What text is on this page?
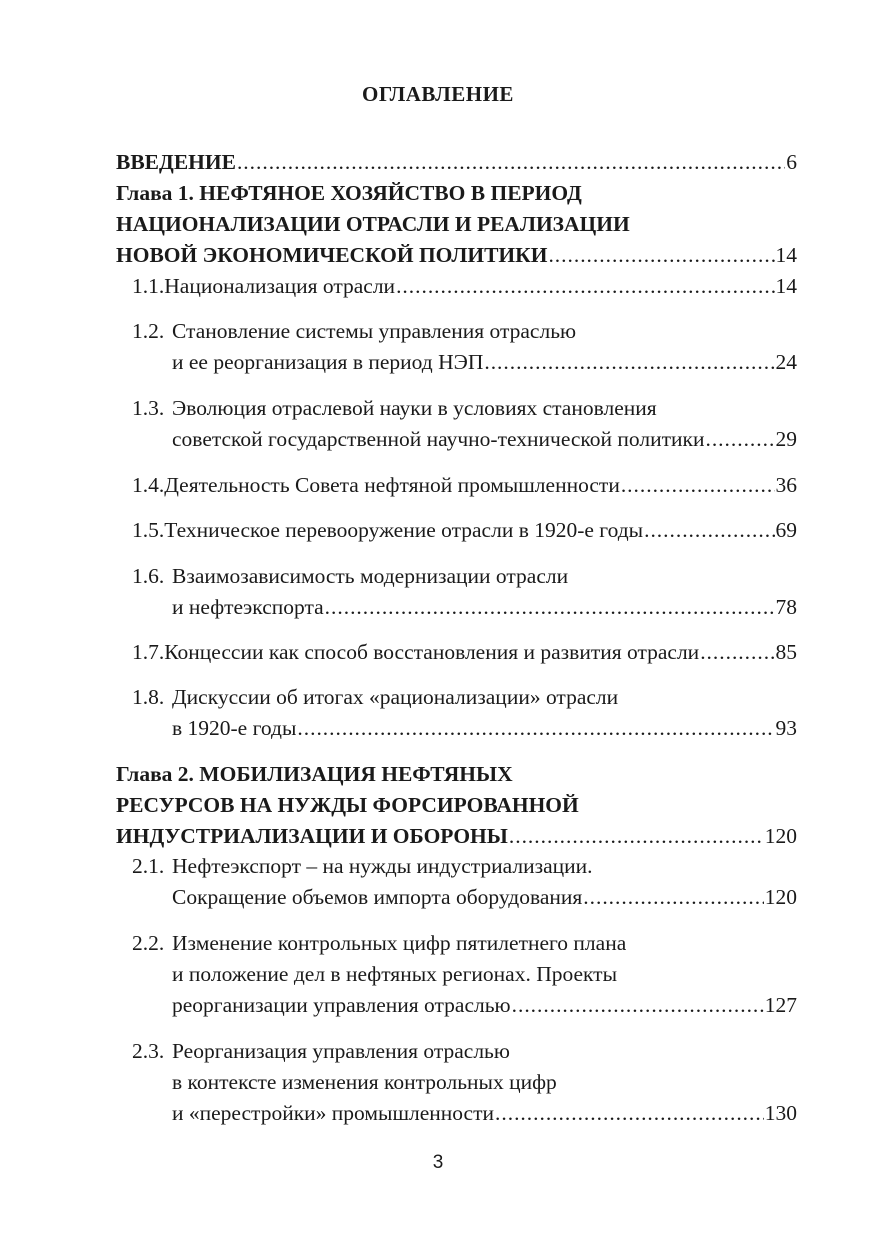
ОГЛАВЛЕНИЕ
ВВЕДЕНИЕ . . .	6
Глава 1. НЕФТЯНОЕ ХОЗЯЙСТВО В ПЕРИОД
НАЦИОНАЛИЗАЦИИ ОТРАСЛИ И РЕАЛИЗАЦИИ
НОВОЙ ЭКОНОМИЧЕСКОЙ ПОЛИТИКИ . . .	14
1.1. Национализация отрасли . . .	14
1.2. Становление системы управления отраслью
и ее реорганизация в период НЭП . . .	24
1.3. Эволюция отраслевой науки в условиях становления
советской государственной научно-технической политики . . .	29
1.4. Деятельность Совета нефтяной промышленности . . .	36
1.5. Техническое перевооружение отрасли в 1920-е годы . . .	69
1.6. Взаимозависимость модернизации отрасли
и нефтеэкспорта . . .	78
1.7. Концессии как способ восстановления и развития отрасли . . .	85
1.8. Дискуссии об итогах «рационализации» отрасли
в 1920-е годы . . .	93
Глава 2. МОБИЛИЗАЦИЯ НЕФТЯНЫХ
РЕСУРСОВ НА НУЖДЫ ФОРСИРОВАННОЙ
ИНДУСТРИАЛИЗАЦИИ И ОБОРОНЫ . . .	120
2.1. Нефтеэкспорт – на нужды индустриализации.
Сокращение объемов импорта оборудования . . .	120
2.2. Изменение контрольных цифр пятилетнего плана
и положение дел в нефтяных регионах. Проекты
реорганизации управления отраслью . . .	127
2.3. Реорганизация управления отраслью
в контексте изменения контрольных цифр
и «перестройки» промышленности . . .	130
3
